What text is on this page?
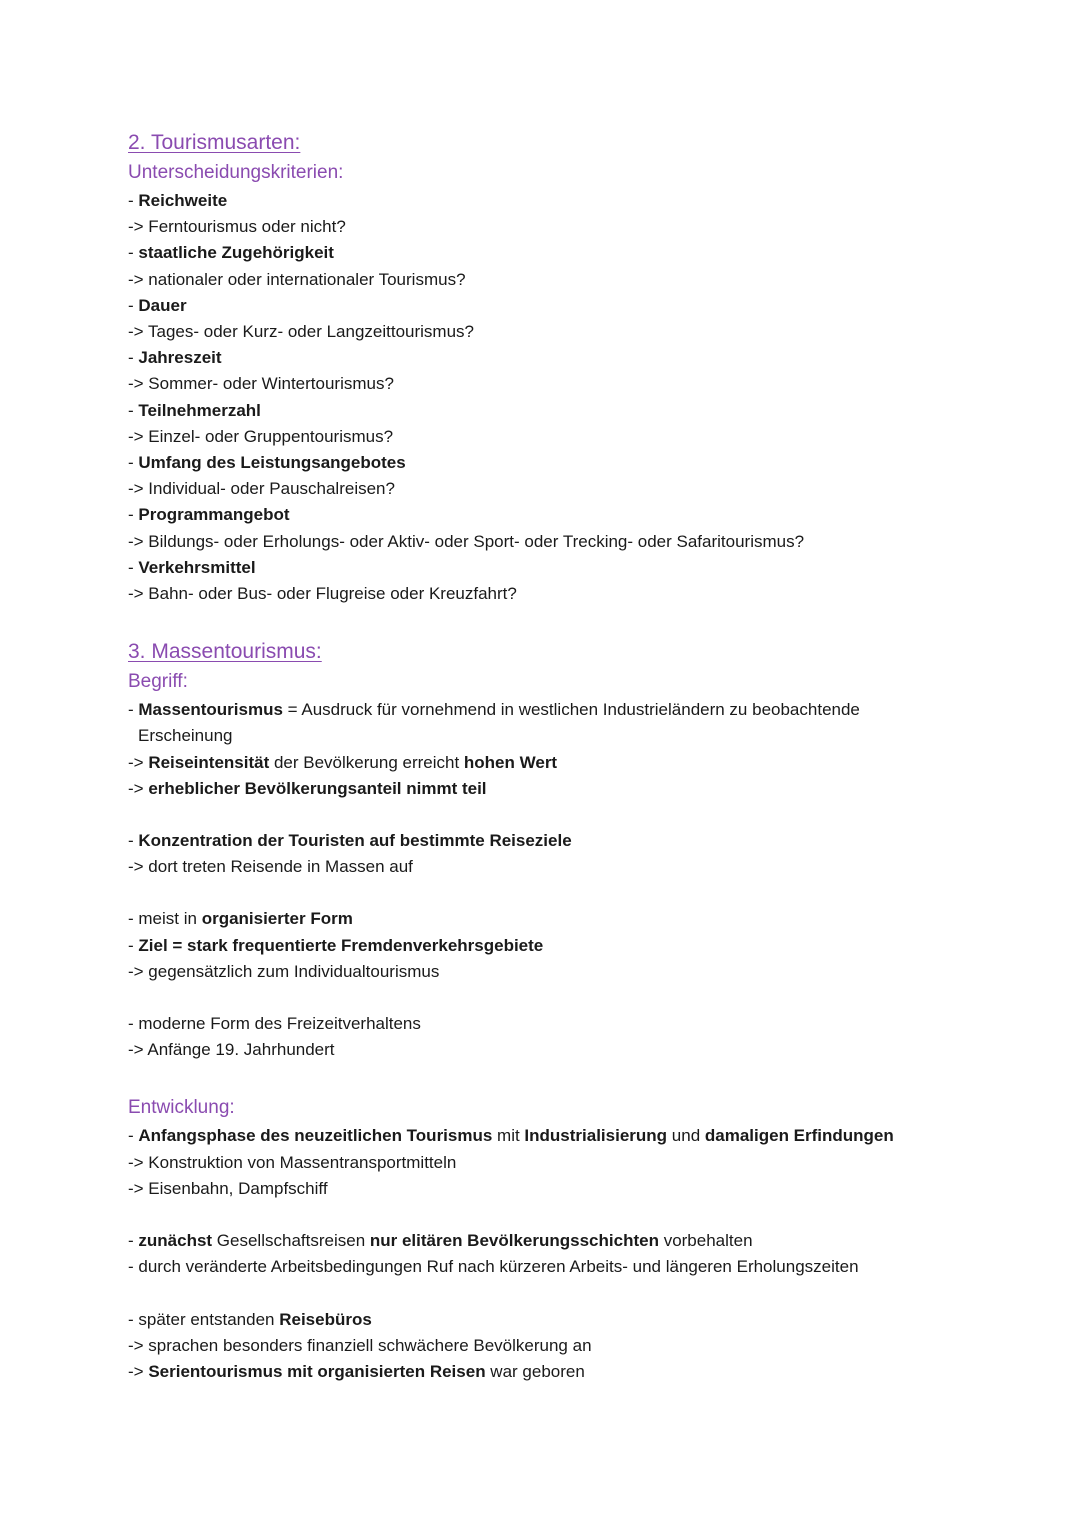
2. Tourismusarten:
Unterscheidungskriterien:
- Reichweite
-> Ferntourismus oder nicht?
- staatliche Zugehörigkeit
-> nationaler oder internationaler Tourismus?
- Dauer
-> Tages- oder Kurz- oder Langzeittourismus?
- Jahreszeit
-> Sommer- oder Wintertourismus?
- Teilnehmerzahl
-> Einzel- oder Gruppentourismus?
- Umfang des Leistungsangebotes
-> Individual- oder Pauschalreisen?
- Programmangebot
-> Bildungs- oder Erholungs- oder Aktiv- oder Sport- oder Trecking- oder Safaritourismus?
- Verkehrsmittel
-> Bahn- oder Bus- oder Flugreise oder Kreuzfahrt?
3. Massentourismus:
Begriff:
- Massentourismus = Ausdruck für vornehmend in westlichen Industrieländern zu beobachtende
Erscheinung
-> Reiseintensität der Bevölkerung erreicht hohen Wert
-> erheblicher Bevölkerungsanteil nimmt teil
- Konzentration der Touristen auf bestimmte Reiseziele
-> dort treten Reisende in Massen auf
- meist in organisierter Form
- Ziel = stark frequentierte Fremdenverkehrsgebiete
-> gegensätzlich zum Individualtourismus
- moderne Form des Freizeitverhaltens
-> Anfänge 19. Jahrhundert
Entwicklung:
- Anfangsphase des neuzeitlichen Tourismus mit Industrialisierung und damaligen Erfindungen
-> Konstruktion von Massentransportmitteln
-> Eisenbahn, Dampfschiff
- zunächst Gesellschaftsreisen nur elitären Bevölkerungsschichten vorbehalten
- durch veränderte Arbeitsbedingungen Ruf nach kürzeren Arbeits- und längeren Erholungszeiten
- später entstanden Reisebüros
-> sprachen besonders finanziell schwächere Bevölkerung an
-> Serientourismus mit organisierten Reisen war geboren
